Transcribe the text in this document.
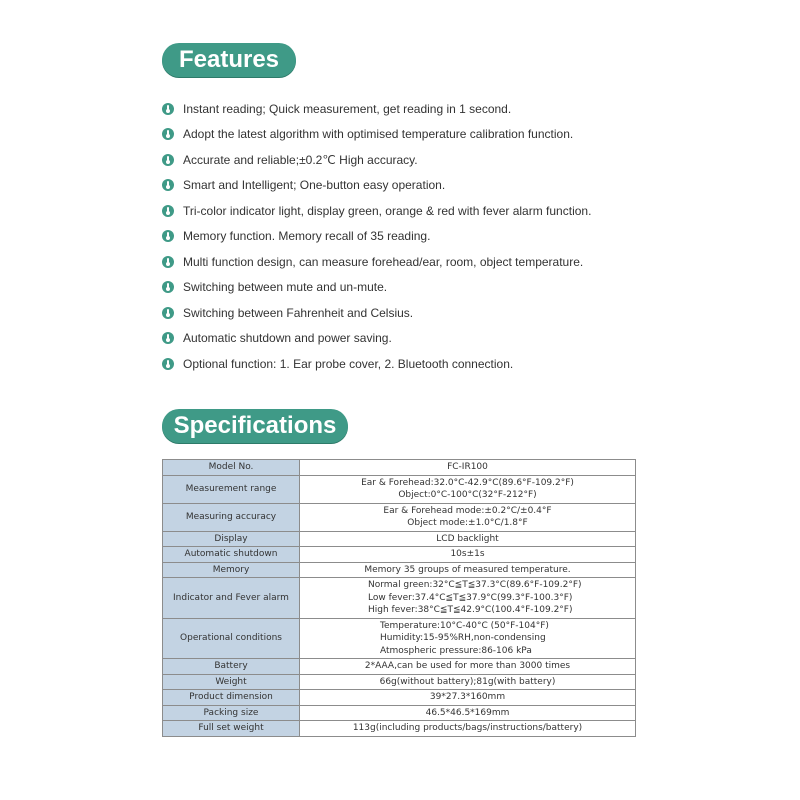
Features
Instant reading; Quick measurement, get reading in 1 second.
Adopt the latest algorithm with optimised temperature calibration function.
Accurate and reliable;±0.2℃ High accuracy.
Smart and Intelligent; One-button easy operation.
Tri-color indicator light, display green, orange & red with fever alarm function.
Memory function. Memory recall of 35 reading.
Multi function design, can measure forehead/ear, room, object temperature.
Switching between mute and un-mute.
Switching between Fahrenheit and Celsius.
Automatic shutdown and power saving.
Optional function: 1. Ear probe cover, 2. Bluetooth connection.
Specifications
Model No.	FC-IR100

Measurement range	Ear & Forehead:32.0°C-42.9°C(89.6°F-109.2°F)
Object:0°C-100°C(32°F-212°F)

Measuring accuracy	Ear & Forehead mode:±0.2°C/±0.4°F
Object mode:±1.0°C/1.8°F

Display	LCD backlight

Automatic shutdown	10s±1s

Memory	Memory 35 groups of measured temperature.

Indicator and Fever alarm	Normal green:32°C≦T≦37.3°C(89.6°F-109.2°F)
Low fever:37.4°C≦T≦37.9°C(99.3°F-100.3°F)
High fever:38°C≦T≦42.9°C(100.4°F-109.2°F)

Operational conditions	Temperature:10°C-40°C (50°F-104°F)
Humidity:15-95%RH,non-condensing
Atmospheric pressure:86-106 kPa

Battery	2*AAA,can be used for more than 3000 times

Weight	66g(without battery);81g(with battery)

Product dimension	39*27.3*160mm

Packing size	46.5*46.5*169mm

Full set weight	113g(including products/bags/instructions/battery)
